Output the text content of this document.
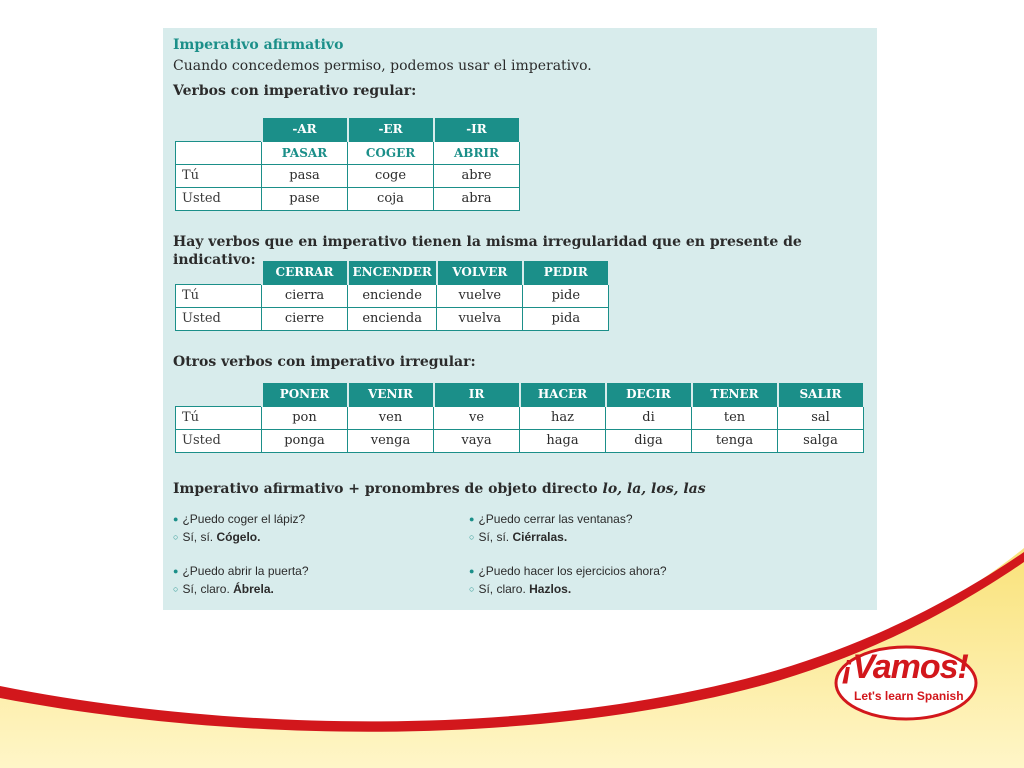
Imperativo afirmativo
Cuando concedemos permiso, podemos usar el imperativo.
Verbos con imperativo regular:
	-AR	-ER	-IR
	PASAR	COGER	ABRIR
Tú	pasa	coge	abre
Usted	pase	coja	abra
Hay verbos que en imperativo tienen la misma irregularidad que en presente de indicativo:
	CERRAR	ENCENDER	VOLVER	PEDIR
Tú	cierra	enciende	vuelve	pide
Usted	cierre	encienda	vuelva	pida
Otros verbos con imperativo irregular:
	PONER	VENIR	IR	HACER	DECIR	TENER	SALIR
Tú	pon	ven	ve	haz	di	ten	sal
Usted	ponga	venga	vaya	haga	diga	tenga	salga
Imperativo afirmativo + pronombres de objeto directo lo, la, los, las
● ¿Puedo coger el lápiz?
○ Sí, sí. Cógelo.
● ¿Puedo cerrar las ventanas?
○ Sí, sí. Ciérralas.
● ¿Puedo abrir la puerta?
○ Sí, claro. Ábrela.
● ¿Puedo hacer los ejercicios ahora?
○ Sí, claro. Hazlos.
¡Vamos!
Let's learn Spanish
